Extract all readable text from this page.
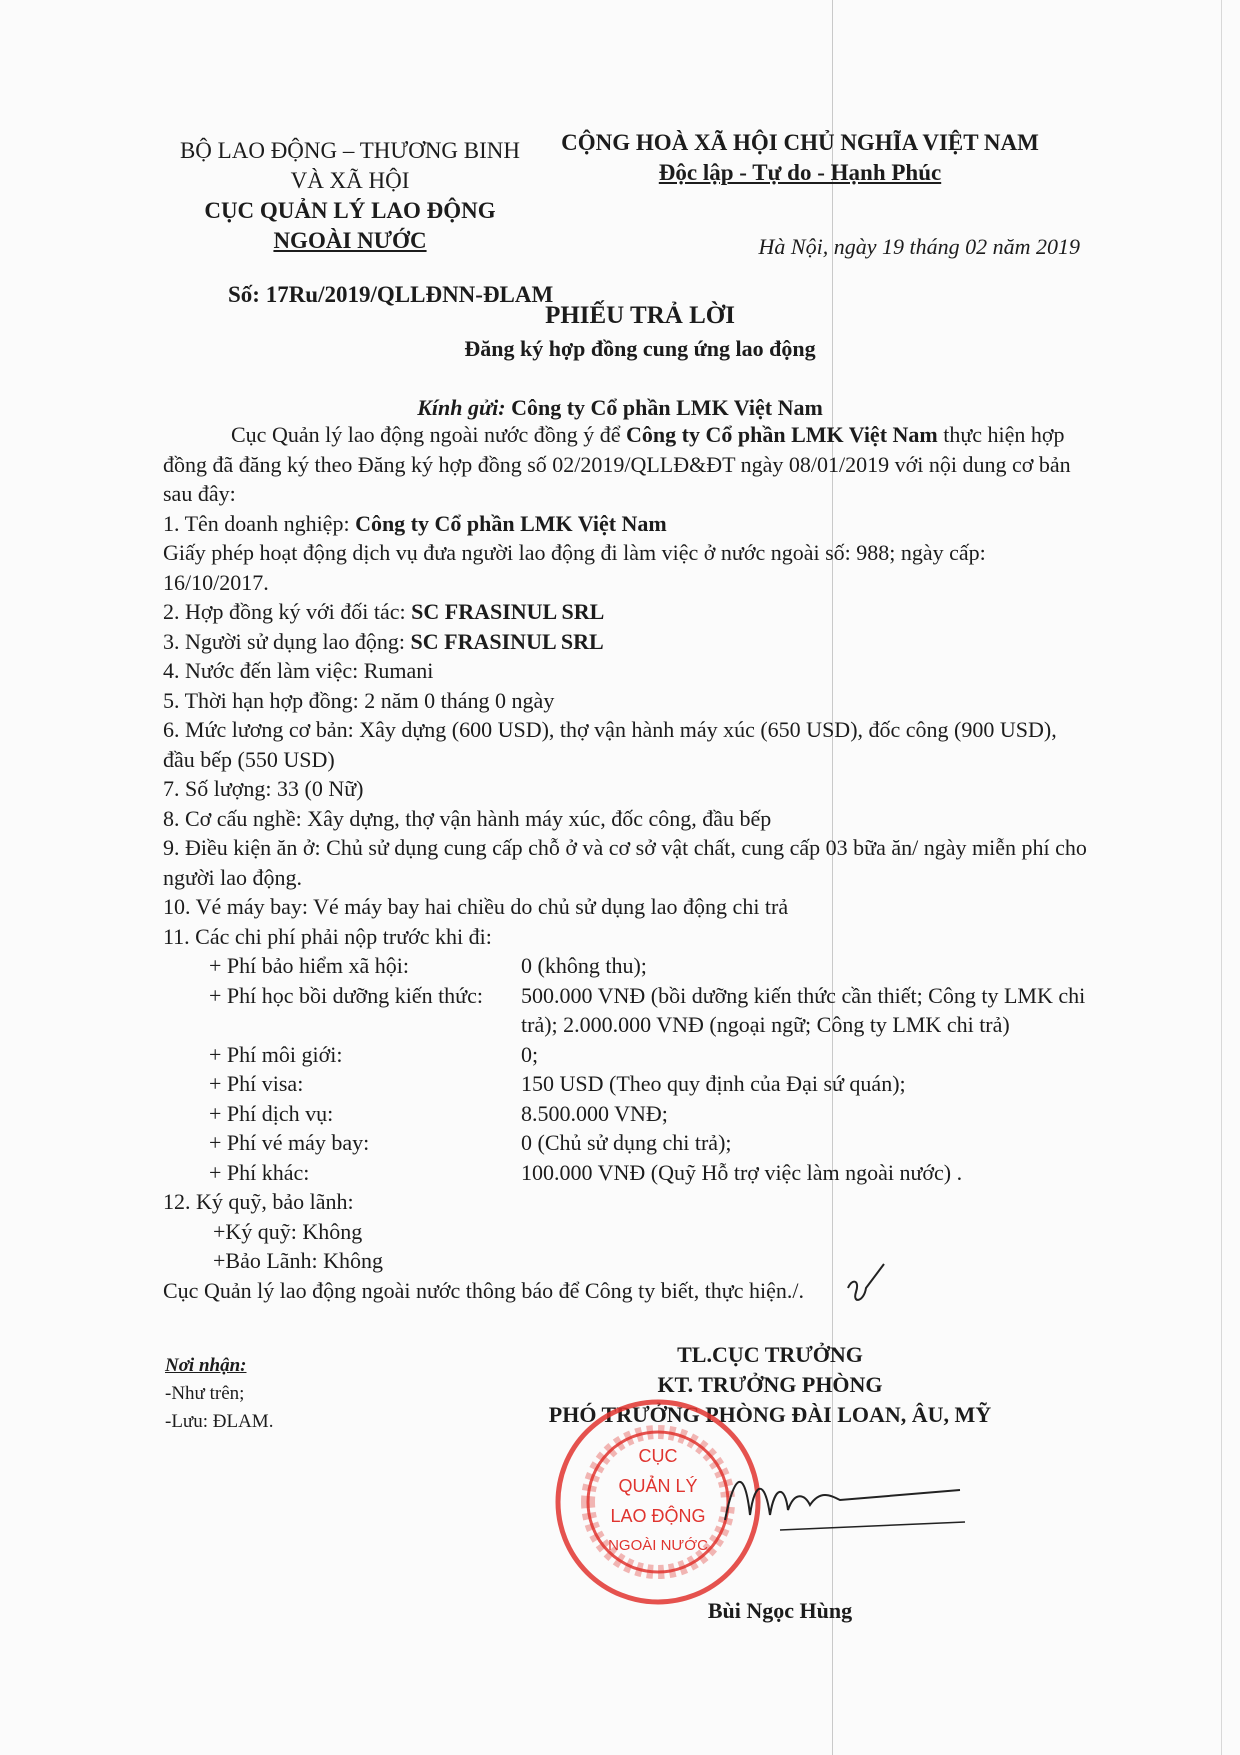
BỘ LAO ĐỘNG – THƯƠNG BINH
VÀ XÃ HỘI
CỤC QUẢN LÝ LAO ĐỘNG
NGOÀI NƯỚC
CỘNG HOÀ XÃ HỘI CHỦ NGHĨA VIỆT NAM
Độc lập - Tự do - Hạnh Phúc
Hà Nội, ngày 19 tháng 02 năm 2019
Số: 17Ru/2019/QLLĐNN-ĐLAM
PHIẾU TRẢ LỜI
Đăng ký hợp đồng cung ứng lao động
Kính gửi: Công ty Cổ phần LMK Việt Nam

Cục Quản lý lao động ngoài nước đồng ý để Công ty Cổ phần LMK Việt Nam thực hiện hợp đồng đã đăng ký theo Đăng ký hợp đồng số 02/2019/QLLĐ&ĐT ngày 08/01/2019 với nội dung cơ bản sau đây:

1. Tên doanh nghiệp: Công ty Cổ phần LMK Việt Nam

Giấy phép hoạt động dịch vụ đưa người lao động đi làm việc ở nước ngoài số: 988; ngày cấp: 16/10/2017.

2. Hợp đồng ký với đối tác: SC FRASINUL SRL

3. Người sử dụng lao động: SC FRASINUL SRL

4. Nước đến làm việc: Rumani

5. Thời hạn hợp đồng: 2 năm 0 tháng 0 ngày

6. Mức lương cơ bản: Xây dựng (600 USD), thợ vận hành máy xúc (650 USD), đốc công (900 USD), đầu bếp (550 USD)

7. Số lượng: 33 (0 Nữ)

8. Cơ cấu nghề: Xây dựng, thợ vận hành máy xúc, đốc công, đầu bếp

9. Điều kiện ăn ở: Chủ sử dụng cung cấp chỗ ở và cơ sở vật chất, cung cấp 03 bữa ăn/ ngày miễn phí cho người lao động.

10. Vé máy bay: Vé máy bay hai chiều do chủ sử dụng lao động chi trả

11. Các chi phí phải nộp trước khi đi:

+ Phí bảo hiểm xã hội:	0 (không thu);
+ Phí học bồi dưỡng kiến thức: 500.000 VNĐ (bồi dưỡng kiến thức cần thiết; Công ty LMK chi trả); 2.000.000 VNĐ (ngoại ngữ; Công ty LMK chi trả)
+ Phí môi giới:	0;
+ Phí visa:	150 USD (Theo quy định của Đại sứ quán);
+ Phí dịch vụ:	8.500.000 VNĐ;
+ Phí vé máy bay:	0 (Chủ sử dụng chi trả);
+ Phí khác:	100.000 VNĐ (Quỹ Hỗ trợ việc làm ngoài nước) .

12. Ký quỹ, bảo lãnh:

+Ký quỹ: Không

+Bảo Lãnh: Không

Cục Quản lý lao động ngoài nước thông báo để Công ty biết, thực hiện./.

Nơi nhận:
-Như trên;
-Lưu: ĐLAM.
TL.CỤC TRƯỞNG
KT. TRƯỞNG PHÒNG
PHÓ TRƯỞNG PHÒNG ĐÀI LOAN, ÂU, MỸ
CỤC
QUẢN LÝ
LAO ĐỘNG
NGOÀI NƯỚC
Bùi Ngọc Hùng
